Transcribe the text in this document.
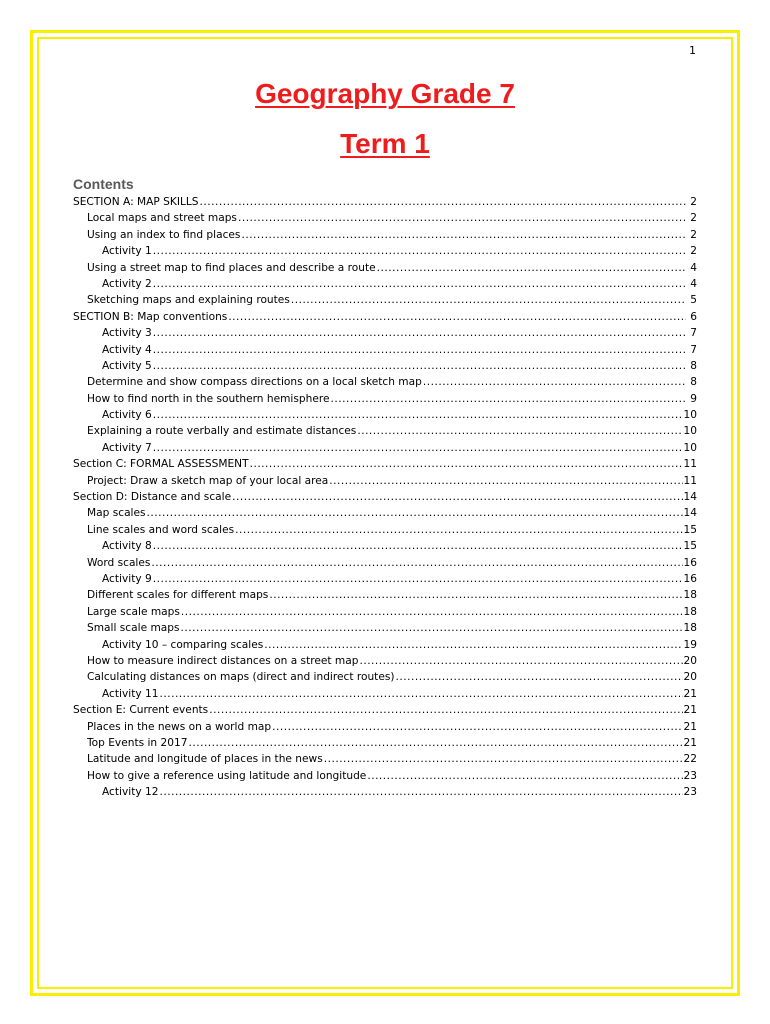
1
Geography Grade 7
Term 1
Contents
SECTION A: MAP SKILLS .....	2
Local maps and street maps .....	2
Using an index to find places .....	2
Activity 1 .....	2
Using a street map to find places and describe a route .....	4
Activity 2 .....	4
Sketching maps and explaining routes .....	5
SECTION B: Map conventions .....	6
Activity 3 .....	7
Activity 4 .....	7
Activity 5 .....	8
Determine and show compass directions on a local sketch map .....	8
How to find north in the southern hemisphere .....	9
Activity 6 .....	10
Explaining a route verbally and estimate distances .....	10
Activity 7 .....	10
Section C: FORMAL ASSESSMENT .....	11
Project: Draw a sketch map of your local area .....	11
Section D: Distance and scale .....	14
Map scales .....	14
Line scales and word scales .....	15
Activity 8 .....	15
Word scales .....	16
Activity 9 .....	16
Different scales for different maps .....	18
Large scale maps .....	18
Small scale maps .....	18
Activity 10 – comparing scales .....	19
How to measure indirect distances on a street map .....	20
Calculating distances on maps (direct and indirect routes) .....	20
Activity 11 .....	21
Section E: Current events .....	21
Places in the news on a world map .....	21
Top Events in 2017 .....	21
Latitude and longitude of places in the news .....	22
How to give a reference using latitude and longitude .....	23
Activity 12 .....	23
